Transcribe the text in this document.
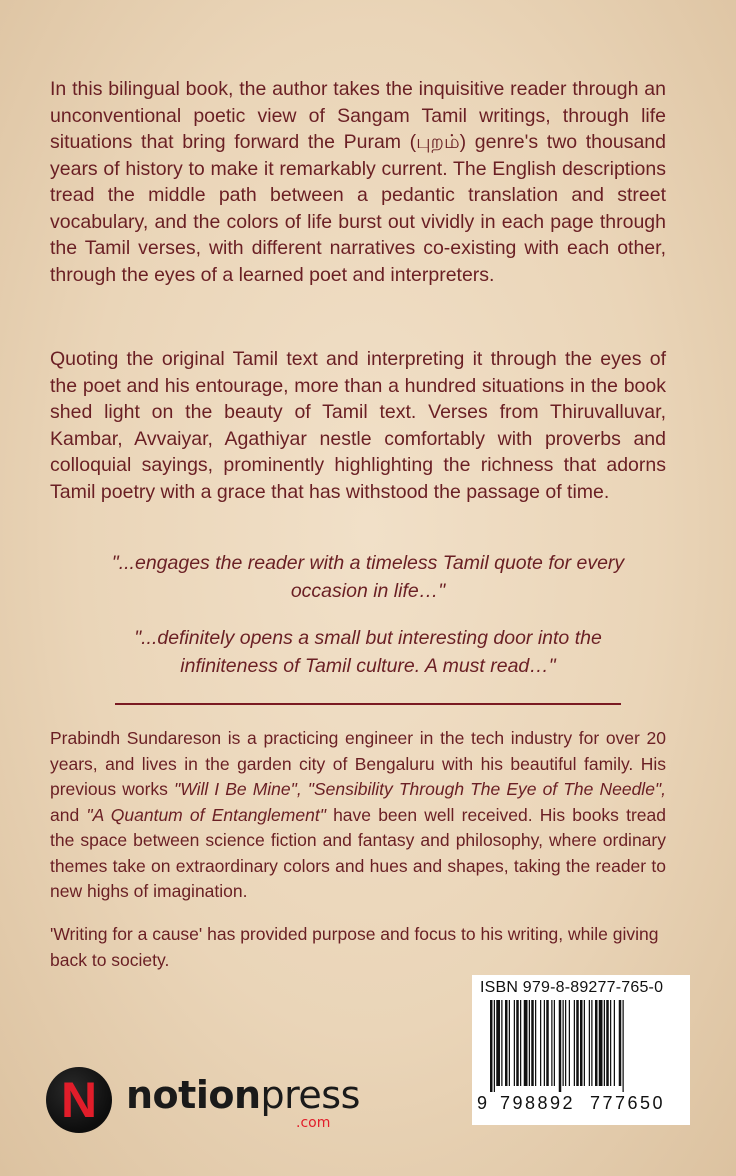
In this bilingual book, the author takes the inquisitive reader through an unconventional poetic view of Sangam Tamil writings, through life situations that bring forward the Puram (புறம்) genre's two thousand years of history to make it remarkably current. The English descriptions tread the middle path between a pedantic translation and street vocabulary, and the colors of life burst out vividly in each page through the Tamil verses, with different narratives co-existing with each other, through the eyes of a learned poet and interpreters.

Quoting the original Tamil text and interpreting it through the eyes of the poet and his entourage, more than a hundred situations in the book shed light on the beauty of Tamil text. Verses from Thiruvalluvar, Kambar, Avvaiyar, Agathiyar nestle comfortably with proverbs and colloquial sayings, prominently highlighting the richness that adorns Tamil poetry with a grace that has withstood the passage of time.

"...engages the reader with a timeless Tamil quote for every occasion in life…"

"...definitely opens a small but interesting door into the infiniteness of Tamil culture. A must read…"

Prabindh Sundareson is a practicing engineer in the tech industry for over 20 years, and lives in the garden city of Bengaluru with his beautiful family. His previous works "Will I Be Mine", "Sensibility Through The Eye of The Needle", and "A Quantum of Entanglement" have been well received. His books tread the space between science fiction and fantasy and philosophy, where ordinary themes take on extraordinary colors and hues and shapes, taking the reader to new highs of imagination.

'Writing for a cause' has provided purpose and focus to his writing, while giving back to society.

ISBN 979-8-89277-765-0
9 798892 777650
N notionpress
.com
